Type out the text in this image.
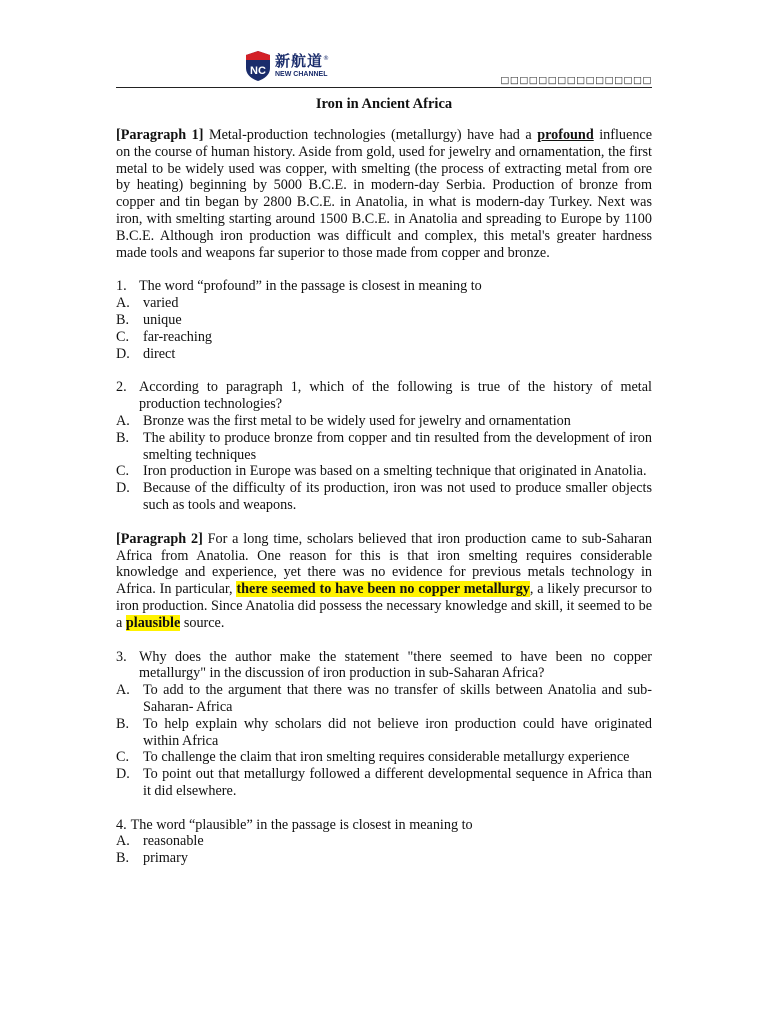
NC
新航道®
NEW CHANNEL
□□□□□□□□□□□□□□□□
Iron in Ancient Africa

[Paragraph 1] Metal-production technologies (metallurgy) have had a profound influence on the course of human history. Aside from gold, used for jewelry and ornamentation, the first metal to be widely used was copper, with smelting (the process of extracting metal from ore by heating) beginning by 5000 B.C.E. in modern-day Serbia. Production of bronze from copper and tin began by 2800 B.C.E. in Anatolia, in what is modern-day Turkey. Next was iron, with smelting starting around 1500 B.C.E. in Anatolia and spreading to Europe by 1100 B.C.E. Although iron production was difficult and complex, this metal's greater hardness made tools and weapons far superior to those made from copper and bronze.

1. The word “profound” in the passage is closest in meaning to
A. varied
B. unique
C. far-reaching
D. direct
2. According to paragraph 1, which of the following is true of the history of metal production technologies?
A. Bronze was the first metal to be widely used for jewelry and ornamentation
B. The ability to produce bronze from copper and tin resulted from the development of iron smelting techniques
C. Iron production in Europe was based on a smelting technique that originated in Anatolia.
D. Because of the difficulty of its production, iron was not used to produce smaller objects such as tools and weapons.

[Paragraph 2] For a long time, scholars believed that iron production came to sub-Saharan Africa from Anatolia. One reason for this is that iron smelting requires considerable knowledge and experience, yet there was no evidence for previous metals technology in Africa. In particular, there seemed to have been no copper metallurgy, a likely precursor to iron production. Since Anatolia did possess the necessary knowledge and skill, it seemed to be a plausible source.

3. Why does the author make the statement "there seemed to have been no copper metallurgy" in the discussion of iron production in sub-Saharan Africa?
A. To add to the argument that there was no transfer of skills between Anatolia and sub-Saharan- Africa
B. To help explain why scholars did not believe iron production could have originated within Africa
C. To challenge the claim that iron smelting requires considerable metallurgy experience
D. To point out that metallurgy followed a different developmental sequence in Africa than it did elsewhere.
4. The word “plausible” in the passage is closest in meaning to
A. reasonable
B. primary
